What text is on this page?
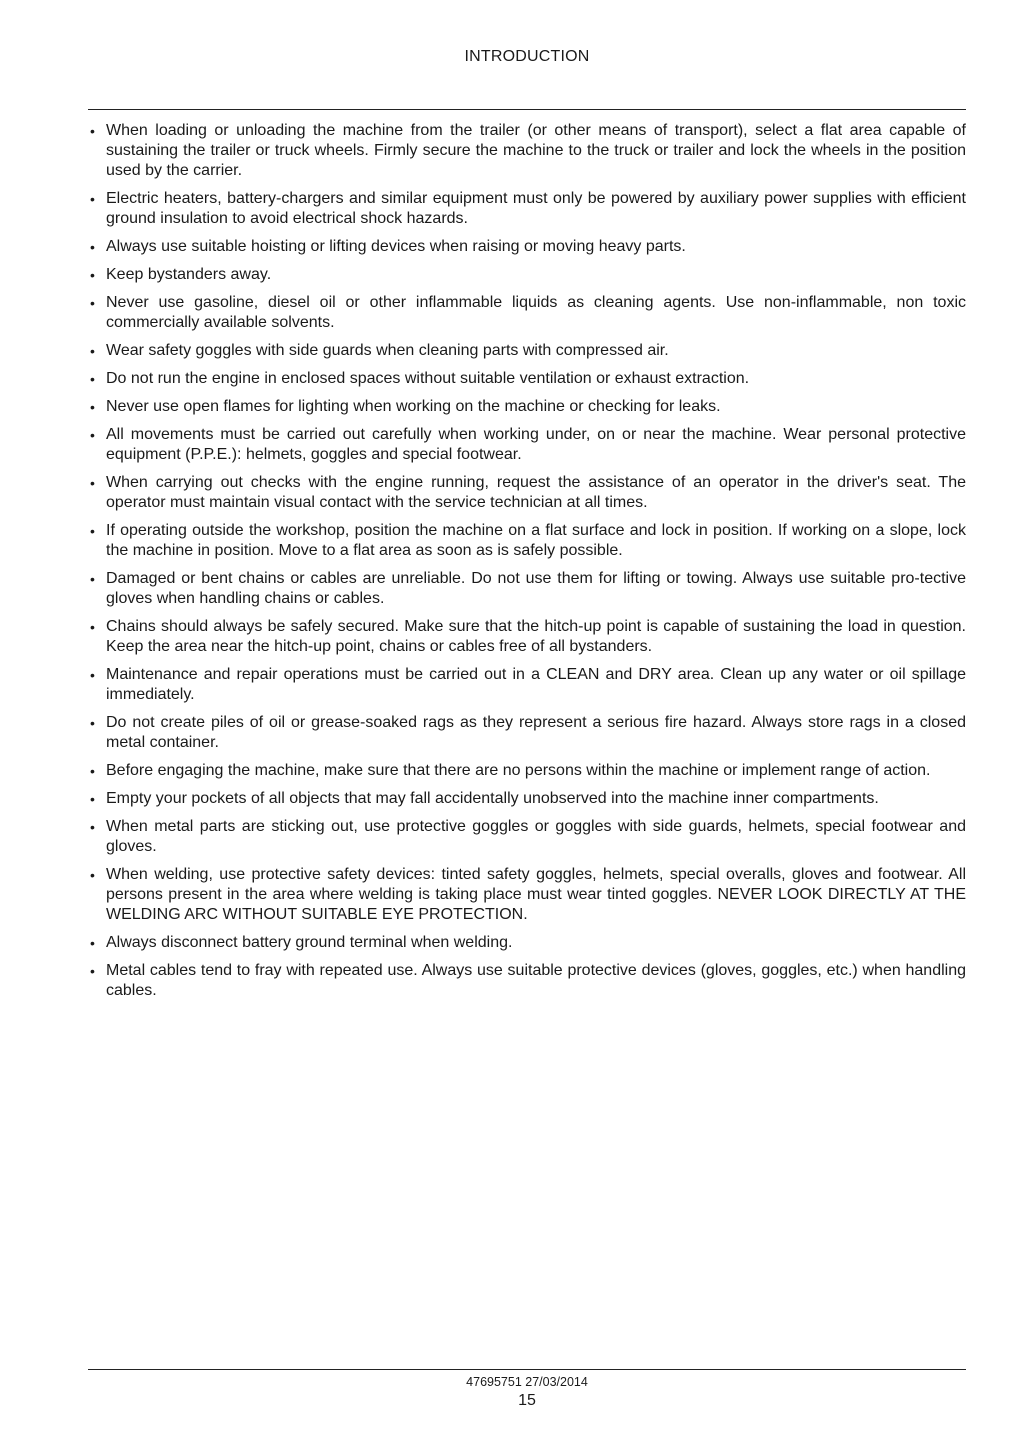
INTRODUCTION
• When loading or unloading the machine from the trailer (or other means of transport), select a flat area capable of sustaining the trailer or truck wheels. Firmly secure the machine to the truck or trailer and lock the wheels in the position used by the carrier.
• Electric heaters, battery-chargers and similar equipment must only be powered by auxiliary power supplies with efficient ground insulation to avoid electrical shock hazards.
• Always use suitable hoisting or lifting devices when raising or moving heavy parts.
• Keep bystanders away.
• Never use gasoline, diesel oil or other inflammable liquids as cleaning agents. Use non-inflammable, non toxic commercially available solvents.
• Wear safety goggles with side guards when cleaning parts with compressed air.
• Do not run the engine in enclosed spaces without suitable ventilation or exhaust extraction.
• Never use open flames for lighting when working on the machine or checking for leaks.
• All movements must be carried out carefully when working under, on or near the machine. Wear personal protective equipment (P.P.E.): helmets, goggles and special footwear.
• When carrying out checks with the engine running, request the assistance of an operator in the driver's seat. The operator must maintain visual contact with the service technician at all times.
• If operating outside the workshop, position the machine on a flat surface and lock in position. If working on a slope, lock the machine in position. Move to a flat area as soon as is safely possible.
• Damaged or bent chains or cables are unreliable. Do not use them for lifting or towing. Always use suitable pro-tective gloves when handling chains or cables.
• Chains should always be safely secured. Make sure that the hitch-up point is capable of sustaining the load in question. Keep the area near the hitch-up point, chains or cables free of all bystanders.
• Maintenance and repair operations must be carried out in a CLEAN and DRY area. Clean up any water or oil spillage immediately.
• Do not create piles of oil or grease-soaked rags as they represent a serious fire hazard. Always store rags in a closed metal container.
• Before engaging the machine, make sure that there are no persons within the machine or implement range of action.
• Empty your pockets of all objects that may fall accidentally unobserved into the machine inner compartments.
• When metal parts are sticking out, use protective goggles or goggles with side guards, helmets, special footwear and gloves.
• When welding, use protective safety devices: tinted safety goggles, helmets, special overalls, gloves and footwear. All persons present in the area where welding is taking place must wear tinted goggles. NEVER LOOK DIRECTLY AT THE WELDING ARC WITHOUT SUITABLE EYE PROTECTION.
• Always disconnect battery ground terminal when welding.
• Metal cables tend to fray with repeated use. Always use suitable protective devices (gloves, goggles, etc.) when handling cables.
47695751 27/03/2014
15
